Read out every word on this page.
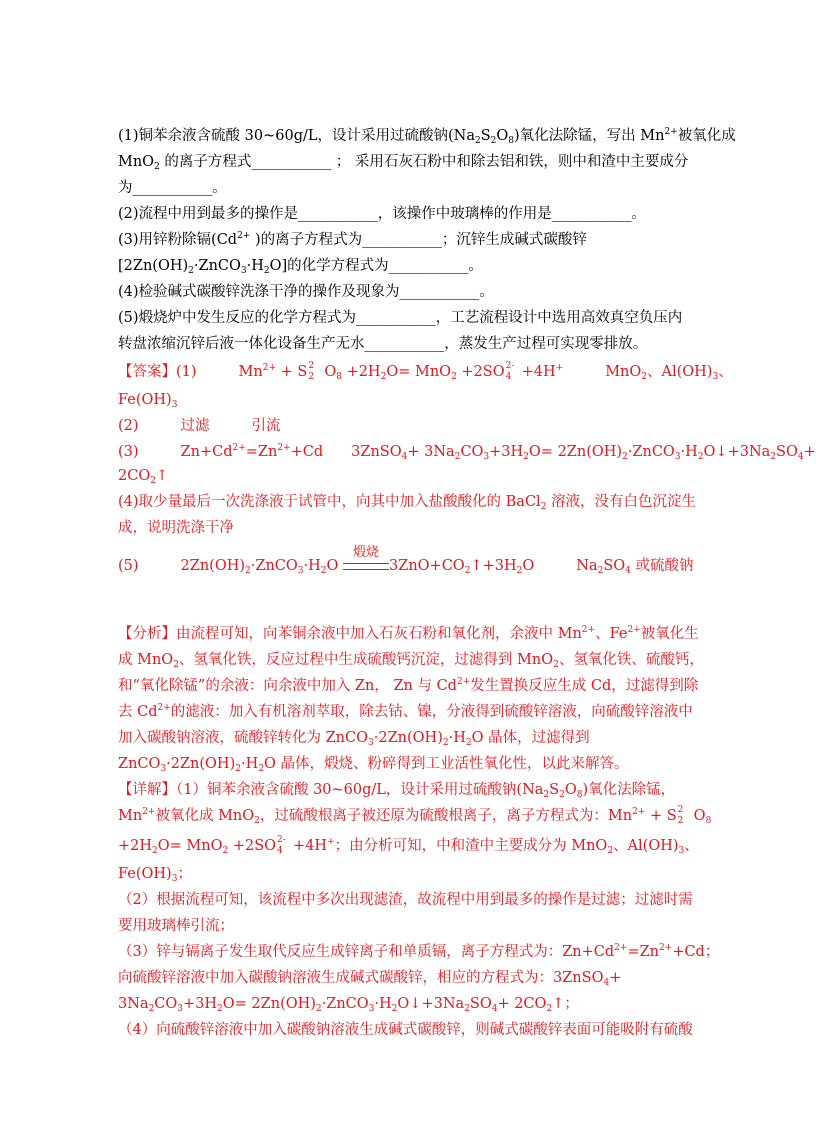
(1)铜苯余液含硫酸 30~60g/L，设计采用过硫酸钠$(Na_2S_2O_8)$氧化法除锰，写出 $Mn^{2+}$被氧化成
MnO$_2$ 的离子方程式___________ ； 采用石灰石粉中和除去铝和铁，则中和渣中主要成分
为___________。
(2)流程中用到最多的操作是___________，该操作中玻璃棒的作用是___________。
(3)用锌粉除镉($Cd^{2+}$ )的离子方程式为___________；沉锌生成碱式碳酸锌
$[2Zn(OH)_2\cdot ZnCO_3\cdot H_2O]$的化学方程式为___________。
(4)检验碱式碳酸锌洗涤干净的操作及现象为___________。
(5)煅烧炉中发生反应的化学方程式为___________，工艺流程设计中选用高效真空负压内
转盘浓缩沉锌后液一体化设备生产无水___________，蒸发生产过程可实现零排放。
【答案】(1)	$Mn^{2+} + S$ 2
2 $O_8 +2H_2O= MnO_2 +2SO$ 2-
4 +4H+	MnO$_2$、$Al(OH)_3$、
$Fe(OH)_3$
(2)	过滤	引流
(3)	$Zn+Cd^{2+}=Zn^{2+}+Cd$ 3ZnSO$_4$+ $3Na_2CO_3+3H_2O=$ $2Zn(OH)_2\cdot ZnCO_3\cdot H_2O↓+3Na_2SO_4+$
$2CO_2↑$
(4)取少量最后一次洗涤液于试管中，向其中加入盐酸酸化的 BaCl$_2$ 溶液，没有白色沉淀生
成，说明洗涤干净
(5)	$2Zn(OH)_2\cdot ZnCO_3\cdot H_2O$
煅烧
$3ZnO+CO_2↑+3H_2O$	$Na_2SO_4$ 或硫酸钠
【分析】由流程可知，向苯铜余液中加入石灰石粉和氧化剂，余液中 $Mn^{2+}$、$Fe^{2+}$被氧化生
成 MnO$_2$、氢氧化铁，反应过程中生成硫酸钙沉淀，过滤得到 MnO$_2$、氢氧化铁、硫酸钙，
和“氧化除锰”的余液：向余液中加入 Zn， Zn 与 $Cd^{2+}$发生置换反应生成 Cd，过滤得到除
去 $Cd^{2+}$的滤液：加入有机溶剂萃取，除去钴、镍，分液得到硫酸锌溶液，向硫酸锌溶液中
加入碳酸钠溶液，硫酸锌转化为 $ZnCO_3\cdot 2Zn(OH)_2\cdot H_2O$ 晶体，过滤得到
$ZnCO_3\cdot 2Zn(OH)_2\cdot H_2O$ 晶体，煅烧、粉碎得到工业活性氧化性，以此来解答。
【详解】（1）铜苯余液含硫酸 30~60g/L，设计采用过硫酸钠$(Na_2S_2O_8)$氧化法除锰，
$Mn^{2+}$被氧化成 MnO$_2$，过硫酸根离子被还原为硫酸根离子，离子方程式为：$Mn^{2+} + S$ 2
2 $O_8$
$+2H_2O= MnO_2 +2SO$ 2-
4 +4H+；由分析可知，中和渣中主要成分为 MnO$_2$、$Al(OH)_3$、
$Fe(OH)_3$；
（2）根据流程可知，该流程中多次出现滤渣，故流程中用到最多的操作是过滤；过滤时需
要用玻璃棒引流；
（3）锌与镉离子发生取代反应生成锌离子和单质镉，离子方程式为：$Zn+Cd^{2+}=Zn^{2+}+Cd$；
向硫酸锌溶液中加入碳酸钠溶液生成碱式碳酸锌，相应的方程式为：3ZnSO$_4$+
$3Na_2CO_3+3H_2O=$ $2Zn(OH)_2\cdot ZnCO_3\cdot H_2O↓+3Na_2SO_4+$ $2CO_2↑$；
（4）向硫酸锌溶液中加入碳酸钠溶液生成碱式碳酸锌，则碱式碳酸锌表面可能吸附有硫酸
